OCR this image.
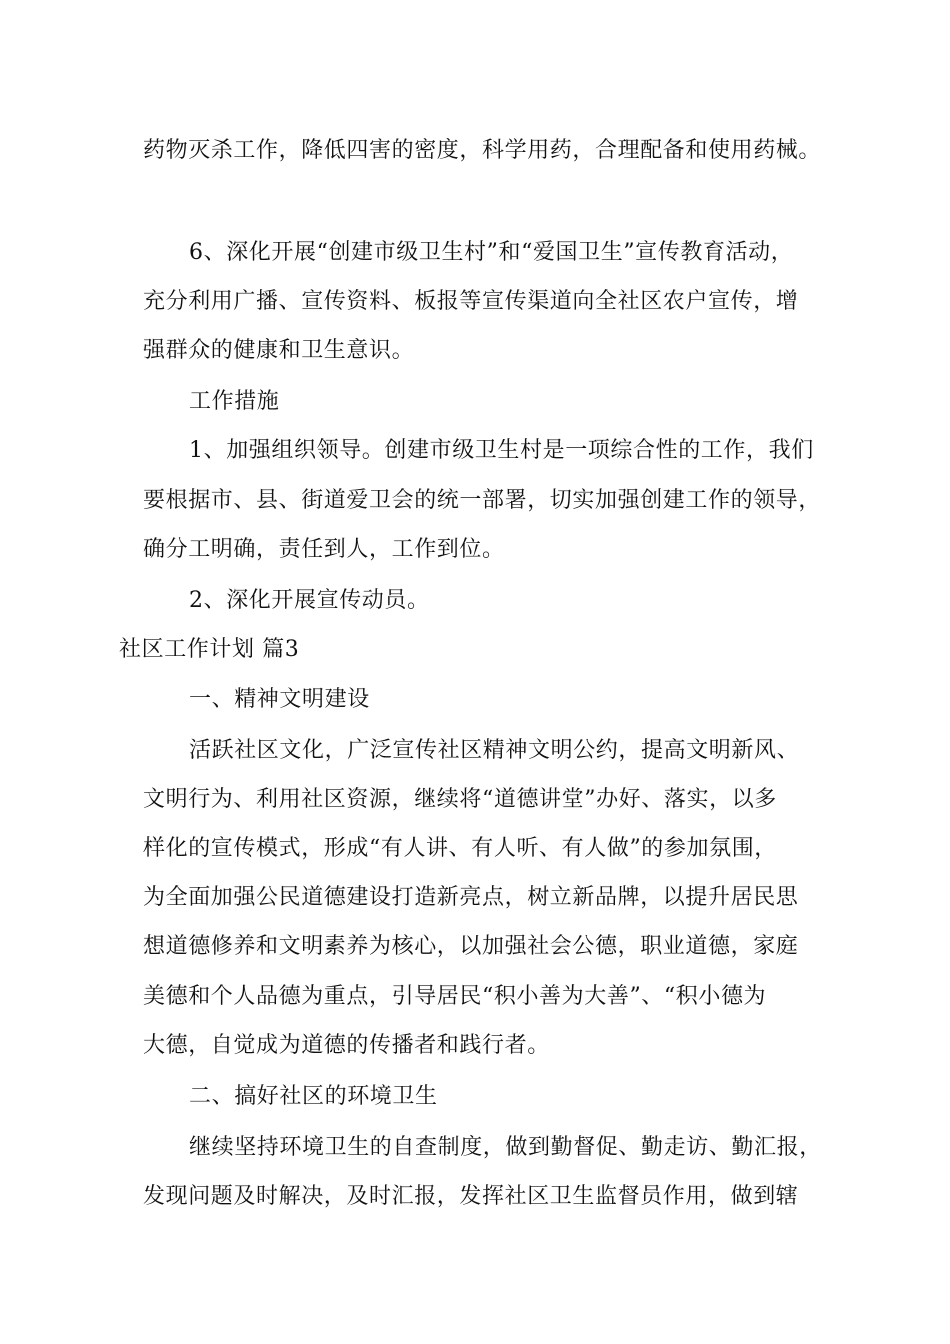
药物灭杀工作，降低四害的密度，科学用药，合理配备和使用药械。

6、深化开展“创建市级卫生村”和“爱国卫生”宣传教育活动，

充分利用广播、宣传资料、板报等宣传渠道向全社区农户宣传，增

强群众的健康和卫生意识。

工作措施

1、加强组织领导。创建市级卫生村是一项综合性的工作，我们

要根据市、县、街道爱卫会的统一部署，切实加强创建工作的领导，

确分工明确，责任到人，工作到位。

2、深化开展宣传动员。

社区工作计划 篇3

一、精神文明建设

活跃社区文化，广泛宣传社区精神文明公约，提高文明新风、

文明行为、利用社区资源，继续将“道德讲堂”办好、落实，以多

样化的宣传模式，形成“有人讲、有人听、有人做”的参加氛围，

为全面加强公民道德建设打造新亮点，树立新品牌，以提升居民思

想道德修养和文明素养为核心，以加强社会公德，职业道德，家庭

美德和个人品德为重点，引导居民“积小善为大善”、“积小德为

大德，自觉成为道德的传播者和践行者。

二、搞好社区的环境卫生

继续坚持环境卫生的自查制度，做到勤督促、勤走访、勤汇报，

发现问题及时解决，及时汇报，发挥社区卫生监督员作用，做到辖
